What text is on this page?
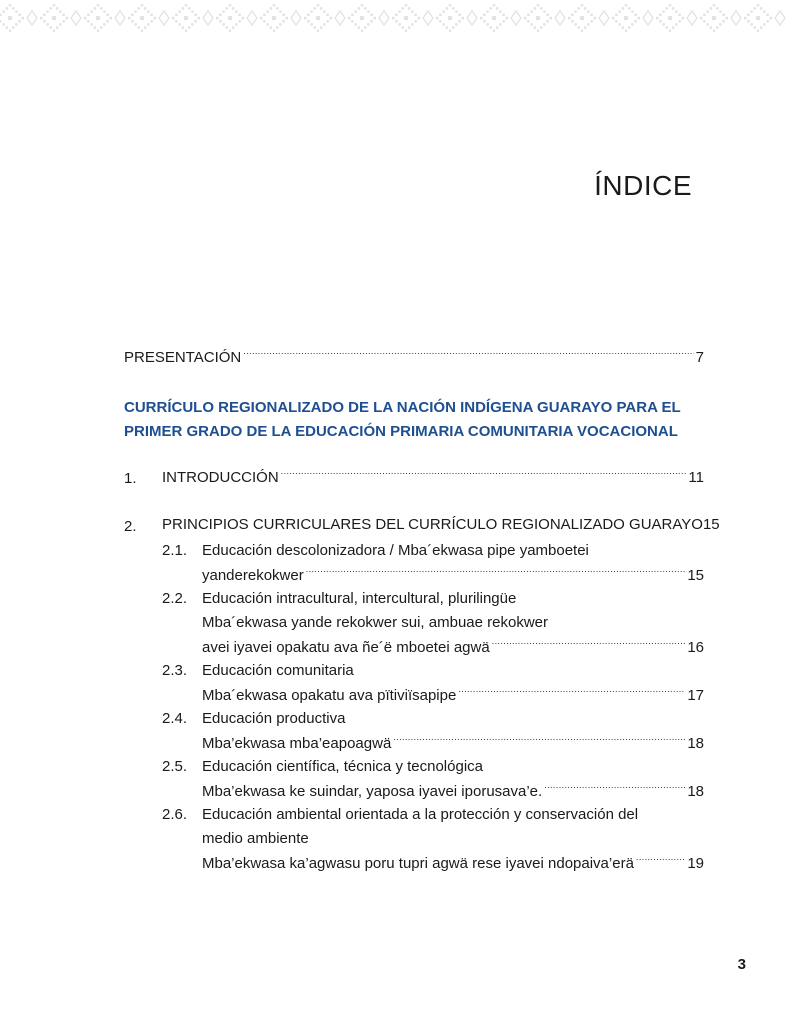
ÍNDICE
PRESENTACIÓN .....	7
CURRÍCULO REGIONALIZADO DE LA NACIÓN INDÍGENA GUARAYO PARA EL
PRIMER GRADO DE LA EDUCACIÓN PRIMARIA COMUNITARIA VOCACIONAL
1. INTRODUCCIÓN .....	11
2. PRINCIPIOS CURRICULARES DEL CURRÍCULO REGIONALIZADO GUARAYO 15
2.1. Educación descolonizadora / Mba´ekwasa pipe yamboetei
yanderekokwer .....	15
2.2. Educación intracultural, intercultural, plurilingüe
Mba´ekwasa yande rekokwer sui, ambuae rekokwer
avei iyavei opakatu ava ñe´ë mboetei agwä .....	16
2.3. Educación comunitaria
Mba´ekwasa opakatu ava pïtiviïsapipe .....	17
2.4. Educación productiva
Mba’ekwasa mba’eapoagwä .....	18
2.5. Educación científica, técnica y tecnológica
Mba’ekwasa ke suindar, yaposa iyavei iporusava’e. .....	18
2.6. Educación ambiental orientada a la protección y conservación del
medio ambiente
Mba’ekwasa ka’agwasu poru tupri agwä rese iyavei ndopaiva’erä .....	19
3
